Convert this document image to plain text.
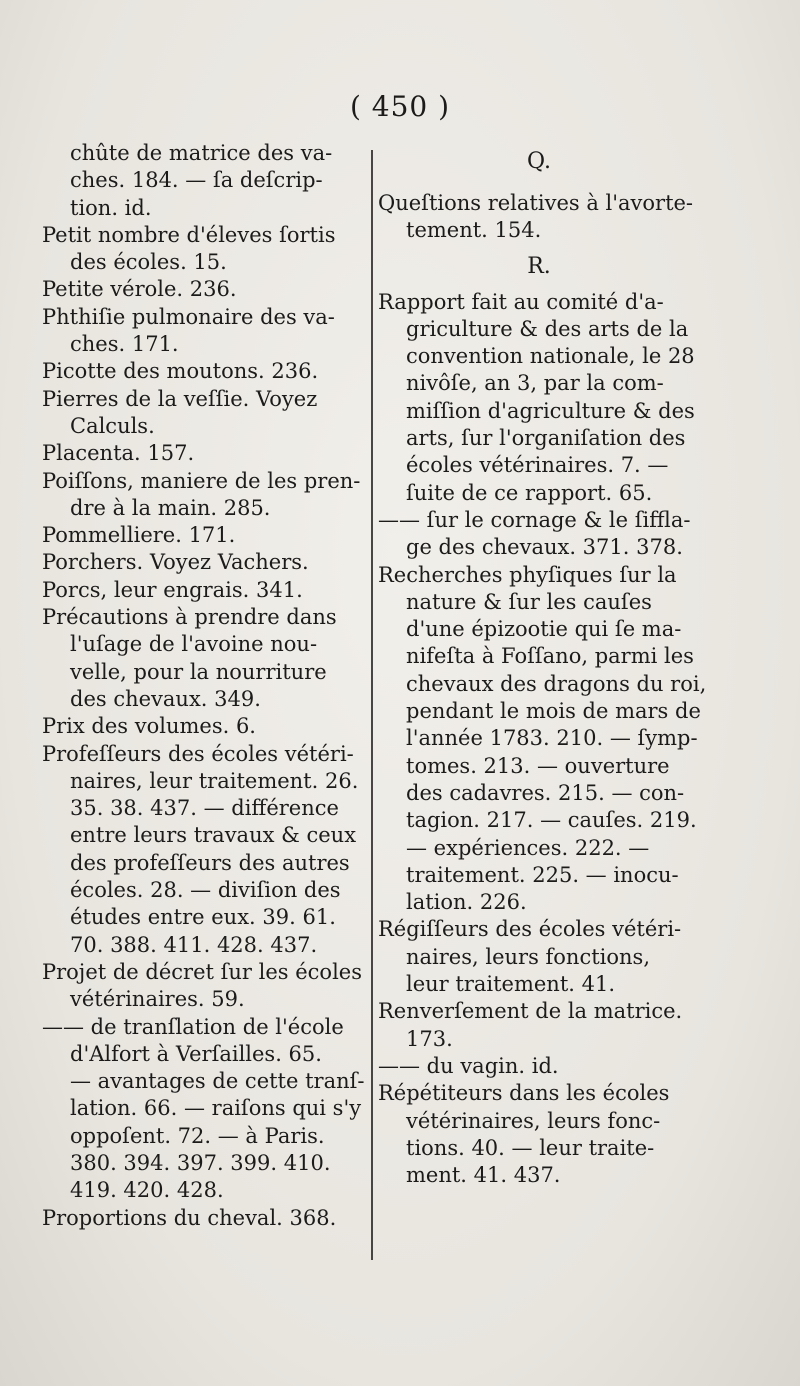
( 450 )
chûte de matrice des va-
ches. 184. — ſa deſcrip-
tion. id.
Petit nombre d'éleves ſortis
des écoles. 15.
Petite vérole. 236.
Phthiſie pulmonaire des va-
ches. 171.
Picotte des moutons. 236.
Pierres de la veſſie. Voyez
Calculs.
Placenta. 157.
Poiſſons, maniere de les pren-
dre à la main. 285.
Pommelliere. 171.
Porchers. Voyez Vachers.
Porcs, leur engrais. 341.
Précautions à prendre dans
l'uſage de l'avoine nou-
velle, pour la nourriture
des chevaux. 349.
Prix des volumes. 6.
Profeſſeurs des écoles vétéri-
naires, leur traitement. 26.
35. 38. 437. — différence
entre leurs travaux & ceux
des profeſſeurs des autres
écoles. 28. — diviſion des
études entre eux. 39. 61.
70. 388. 411. 428. 437.
Projet de décret ſur les écoles
vétérinaires. 59.
—— de tranſlation de l'école
d'Alfort à Verſailles. 65.
— avantages de cette tranſ-
lation. 66. — raiſons qui s'y
oppoſent. 72. — à Paris.
380. 394. 397. 399. 410.
419. 420. 428.
Proportions du cheval. 368.
Q.
Queſtions relatives à l'avorte-
tement. 154.
R.
Rapport fait au comité d'a-
griculture & des arts de la
convention nationale, le 28
nivôſe, an 3, par la com-
miſſion d'agriculture & des
arts, ſur l'organiſation des
écoles vétérinaires. 7. —
ſuite de ce rapport. 65.
—— ſur le cornage & le ſiffla-
ge des chevaux. 371. 378.
Recherches phyſiques ſur la
nature & ſur les cauſes
d'une épizootie qui ſe ma-
nifeſta à Foſſano, parmi les
chevaux des dragons du roi,
pendant le mois de mars de
l'année 1783. 210. — ſymp-
tomes. 213. — ouverture
des cadavres. 215. — con-
tagion. 217. — cauſes. 219.
— expériences. 222. —
traitement. 225. — inocu-
lation. 226.
Régiſſeurs des écoles vétéri-
naires, leurs fonctions,
leur traitement. 41.
Renverſement de la matrice.
173.
—— du vagin. id.
Répétiteurs dans les écoles
vétérinaires, leurs fonc-
tions. 40. — leur traite-
ment. 41. 437.
